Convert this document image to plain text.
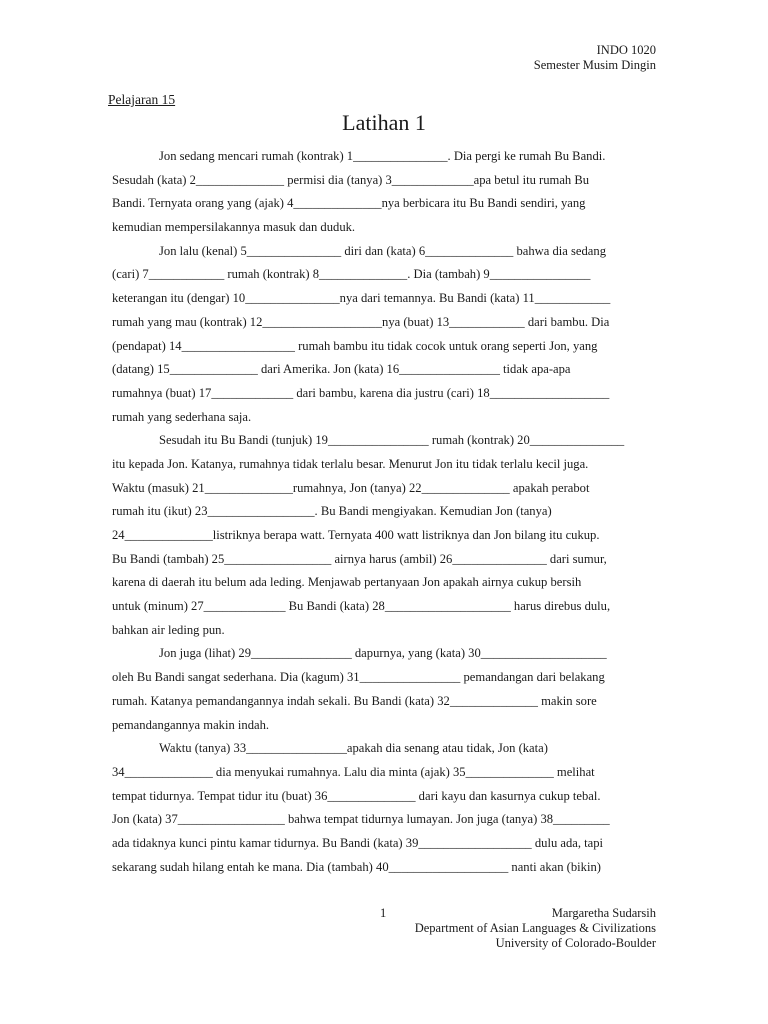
INDO 1020
Semester Musim Dingin
Pelajaran 15
Latihan 1
Jon sedang mencari rumah (kontrak) 1_______________. Dia pergi ke rumah Bu Bandi.
Sesudah (kata) 2______________ permisi dia (tanya) 3_____________apa betul itu rumah Bu
Bandi. Ternyata orang yang (ajak) 4______________nya berbicara itu Bu Bandi sendiri, yang
kemudian mempersilakannya masuk dan duduk.
Jon lalu (kenal) 5_______________ diri dan (kata) 6______________ bahwa dia sedang
(cari) 7____________ rumah (kontrak) 8______________. Dia (tambah) 9________________
keterangan itu (dengar) 10_______________nya dari temannya. Bu Bandi (kata) 11____________
rumah yang mau (kontrak) 12___________________nya (buat) 13____________ dari bambu. Dia
(pendapat) 14__________________ rumah bambu itu tidak cocok untuk orang seperti Jon, yang
(datang) 15______________ dari Amerika. Jon (kata) 16________________ tidak apa-apa
rumahnya (buat) 17_____________ dari bambu, karena dia justru (cari) 18___________________
rumah yang sederhana saja.
Sesudah itu Bu Bandi (tunjuk) 19________________ rumah (kontrak) 20_______________
itu kepada Jon. Katanya, rumahnya tidak terlalu besar. Menurut Jon itu tidak terlalu kecil juga.
Waktu (masuk) 21______________rumahnya, Jon (tanya) 22______________ apakah perabot
rumah itu (ikut) 23_________________. Bu Bandi mengiyakan. Kemudian Jon (tanya)
24______________listriknya berapa watt. Ternyata 400 watt listriknya dan Jon bilang itu cukup.
Bu Bandi (tambah) 25_________________ airnya harus (ambil) 26_______________ dari sumur,
karena di daerah itu belum ada leding. Menjawab pertanyaan Jon apakah airnya cukup bersih
untuk (minum) 27_____________ Bu Bandi (kata) 28____________________ harus direbus dulu,
bahkan air leding pun.
Jon juga (lihat) 29________________ dapurnya, yang (kata) 30____________________
oleh Bu Bandi sangat sederhana. Dia (kagum) 31________________ pemandangan dari belakang
rumah. Katanya pemandangannya indah sekali. Bu Bandi (kata) 32______________ makin sore
pemandangannya makin indah.
Waktu (tanya) 33________________apakah dia senang atau tidak, Jon (kata)
34______________ dia menyukai rumahnya. Lalu dia minta (ajak) 35______________ melihat
tempat tidurnya. Tempat tidur itu (buat) 36______________ dari kayu dan kasurnya cukup tebal.
Jon (kata) 37_________________ bahwa tempat tidurnya lumayan. Jon juga (tanya) 38_________
ada tidaknya kunci pintu kamar tidurnya. Bu Bandi (kata) 39__________________ dulu ada, tapi
sekarang sudah hilang entah ke mana. Dia (tambah) 40___________________ nanti akan (bikin)
1	Margaretha Sudarsih
Department of Asian Languages & Civilizations
University of Colorado-Boulder
